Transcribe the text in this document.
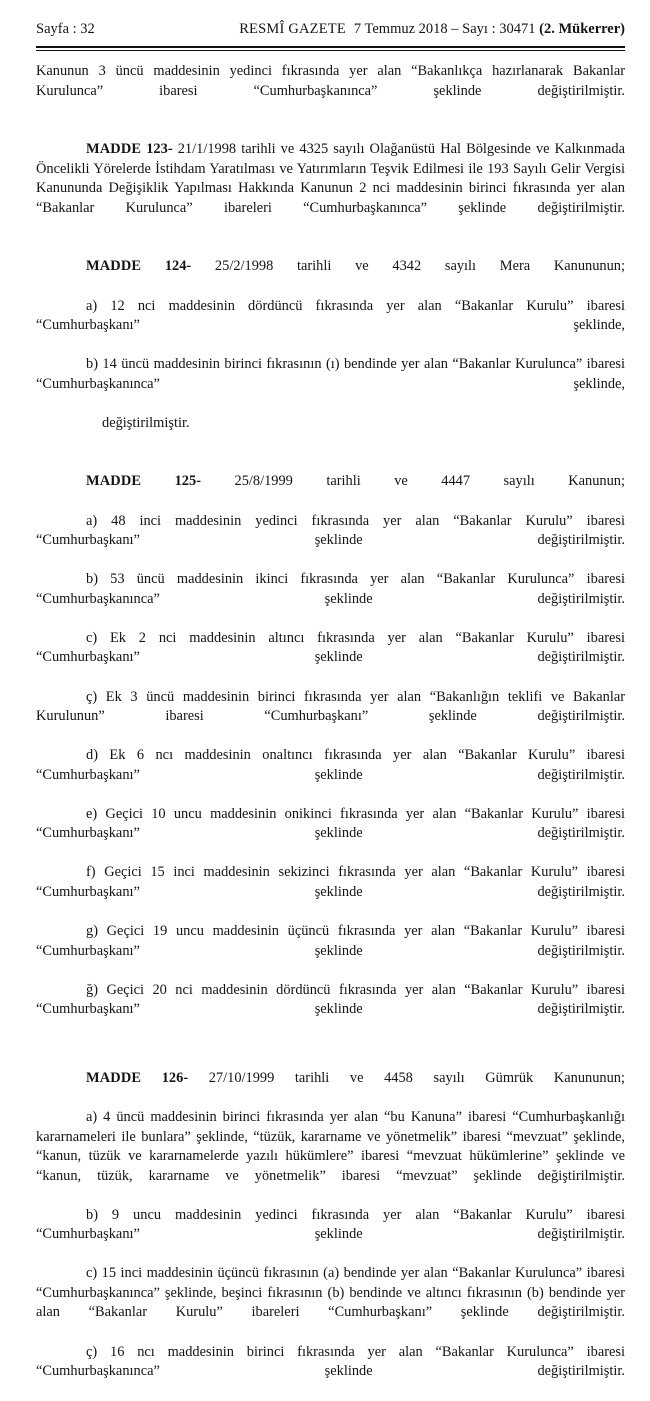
Sayfa : 32	RESMÎ GAZETE 7 Temmuz 2018 – Sayı : 30471 (2. Mükerrer)

Kanunun 3 üncü maddesinin yedinci fıkrasında yer alan “Bakanlıkça hazırlanarak Bakanlar Kurulunca” ibaresi “Cumhurbaşkanınca” şeklinde değiştirilmiştir.

MADDE 123- 21/1/1998 tarihli ve 4325 sayılı Olağanüstü Hal Bölgesinde ve Kalkınmada Öncelikli Yörelerde İstihdam Yaratılması ve Yatırımların Teşvik Edilmesi ile 193 Sayılı Gelir Vergisi Kanununda Değişiklik Yapılması Hakkında Kanunun 2 nci maddesinin birinci fıkrasında yer alan “Bakanlar Kurulunca” ibareleri “Cumhurbaşkanınca” şeklinde değiştirilmiştir.

MADDE 124- 25/2/1998 tarihli ve 4342 sayılı Mera Kanununun;

a) 12 nci maddesinin dördüncü fıkrasında yer alan “Bakanlar Kurulu” ibaresi “Cumhurbaşkanı” şeklinde,

b) 14 üncü maddesinin birinci fıkrasının (ı) bendinde yer alan “Bakanlar Kurulunca” ibaresi “Cumhurbaşkanınca” şeklinde,

değiştirilmiştir.

MADDE 125- 25/8/1999 tarihli ve 4447 sayılı Kanunun;

a) 48 inci maddesinin yedinci fıkrasında yer alan “Bakanlar Kurulu” ibaresi “Cumhurbaşkanı” şeklinde değiştirilmiştir.

b) 53 üncü maddesinin ikinci fıkrasında yer alan “Bakanlar Kurulunca” ibaresi “Cumhurbaşkanınca” şeklinde değiştirilmiştir.

c) Ek 2 nci maddesinin altıncı fıkrasında yer alan “Bakanlar Kurulu” ibaresi “Cumhurbaşkanı” şeklinde değiştirilmiştir.

ç) Ek 3 üncü maddesinin birinci fıkrasında yer alan “Bakanlığın teklifi ve Bakanlar Kurulunun” ibaresi “Cumhurbaşkanı” şeklinde değiştirilmiştir.

d) Ek 6 ncı maddesinin onaltıncı fıkrasında yer alan “Bakanlar Kurulu” ibaresi “Cumhurbaşkanı” şeklinde değiştirilmiştir.

e) Geçici 10 uncu maddesinin onikinci fıkrasında yer alan “Bakanlar Kurulu” ibaresi “Cumhurbaşkanı” şeklinde değiştirilmiştir.

f) Geçici 15 inci maddesinin sekizinci fıkrasında yer alan “Bakanlar Kurulu” ibaresi “Cumhurbaşkanı” şeklinde değiştirilmiştir.

g) Geçici 19 uncu maddesinin üçüncü fıkrasında yer alan “Bakanlar Kurulu” ibaresi “Cumhurbaşkanı” şeklinde değiştirilmiştir.

ğ) Geçici 20 nci maddesinin dördüncü fıkrasında yer alan “Bakanlar Kurulu” ibaresi “Cumhurbaşkanı” şeklinde değiştirilmiştir.

MADDE 126- 27/10/1999 tarihli ve 4458 sayılı Gümrük Kanununun;

a) 4 üncü maddesinin birinci fıkrasında yer alan “bu Kanuna” ibaresi “Cumhurbaşkanlığı kararnameleri ile bunlara” şeklinde, “tüzük, kararname ve yönetmelik” ibaresi “mevzuat” şeklinde, “kanun, tüzük ve kararnamelerde yazılı hükümlere” ibaresi “mevzuat hükümlerine” şeklinde ve “kanun, tüzük, kararname ve yönetmelik” ibaresi “mevzuat” şeklinde değiştirilmiştir.

b) 9 uncu maddesinin yedinci fıkrasında yer alan “Bakanlar Kurulu” ibaresi “Cumhurbaşkanı” şeklinde değiştirilmiştir.

c) 15 inci maddesinin üçüncü fıkrasının (a) bendinde yer alan “Bakanlar Kurulunca” ibaresi “Cumhurbaşkanınca” şeklinde, beşinci fıkrasının (b) bendinde ve altıncı fıkrasının (b) bendinde yer alan “Bakanlar Kurulu” ibareleri “Cumhurbaşkanı” şeklinde değiştirilmiştir.

ç) 16 ncı maddesinin birinci fıkrasında yer alan “Bakanlar Kurulunca” ibaresi “Cumhurbaşkanınca” şeklinde değiştirilmiştir.
